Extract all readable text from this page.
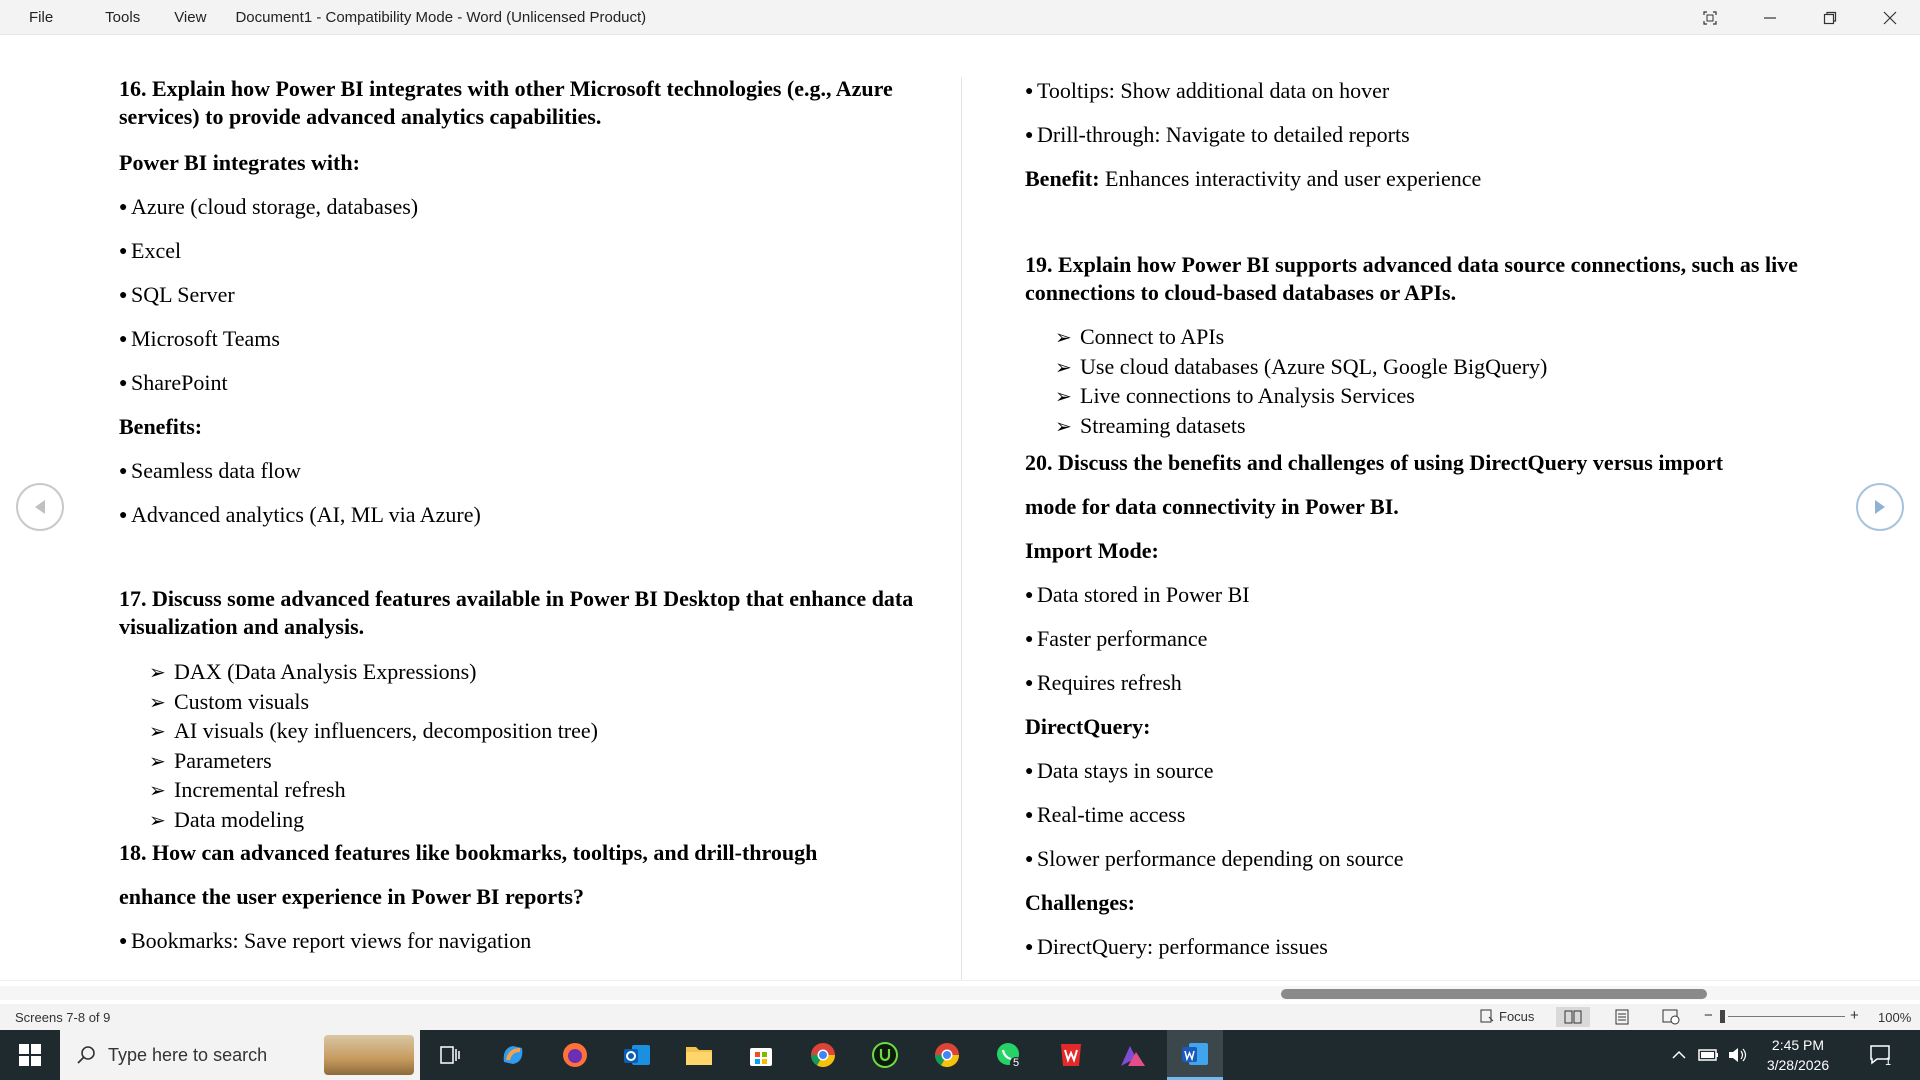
File	Tools	View	Document1 - Compatibility Mode - Word (Unlicensed Product)
16. Explain how Power BI integrates with other Microsoft technologies (e.g., Azure services) to provide advanced analytics capabilities.
Power BI integrates with:
● Azure (cloud storage, databases)
● Excel
● SQL Server
● Microsoft Teams
● SharePoint
Benefits:
● Seamless data flow
● Advanced analytics (AI, ML via Azure)
17. Discuss some advanced features available in Power BI Desktop that enhance data visualization and analysis.
➢ DAX (Data Analysis Expressions)
➢ Custom visuals
➢ AI visuals (key influencers, decomposition tree)
➢ Parameters
➢ Incremental refresh
➢ Data modeling
18. How can advanced features like bookmarks, tooltips, and drill-through
enhance the user experience in Power BI reports?
● Bookmarks: Save report views for navigation
● Tooltips: Show additional data on hover
● Drill-through: Navigate to detailed reports
Benefit: Enhances interactivity and user experience
19. Explain how Power BI supports advanced data source connections, such as live connections to cloud-based databases or APIs.
➢ Connect to APIs
➢ Use cloud databases (Azure SQL, Google BigQuery)
➢ Live connections to Analysis Services
➢ Streaming datasets
20. Discuss the benefits and challenges of using DirectQuery versus import
mode for data connectivity in Power BI.
Import Mode:
● Data stored in Power BI
● Faster performance
● Requires refresh
DirectQuery:
● Data stays in source
● Real-time access
● Slower performance depending on source
Challenges:
● DirectQuery: performance issues
Screens 7-8 of 9	Focus	−	+ 100%
Type here to search	5
2:45 PM
3/28/2026	1
